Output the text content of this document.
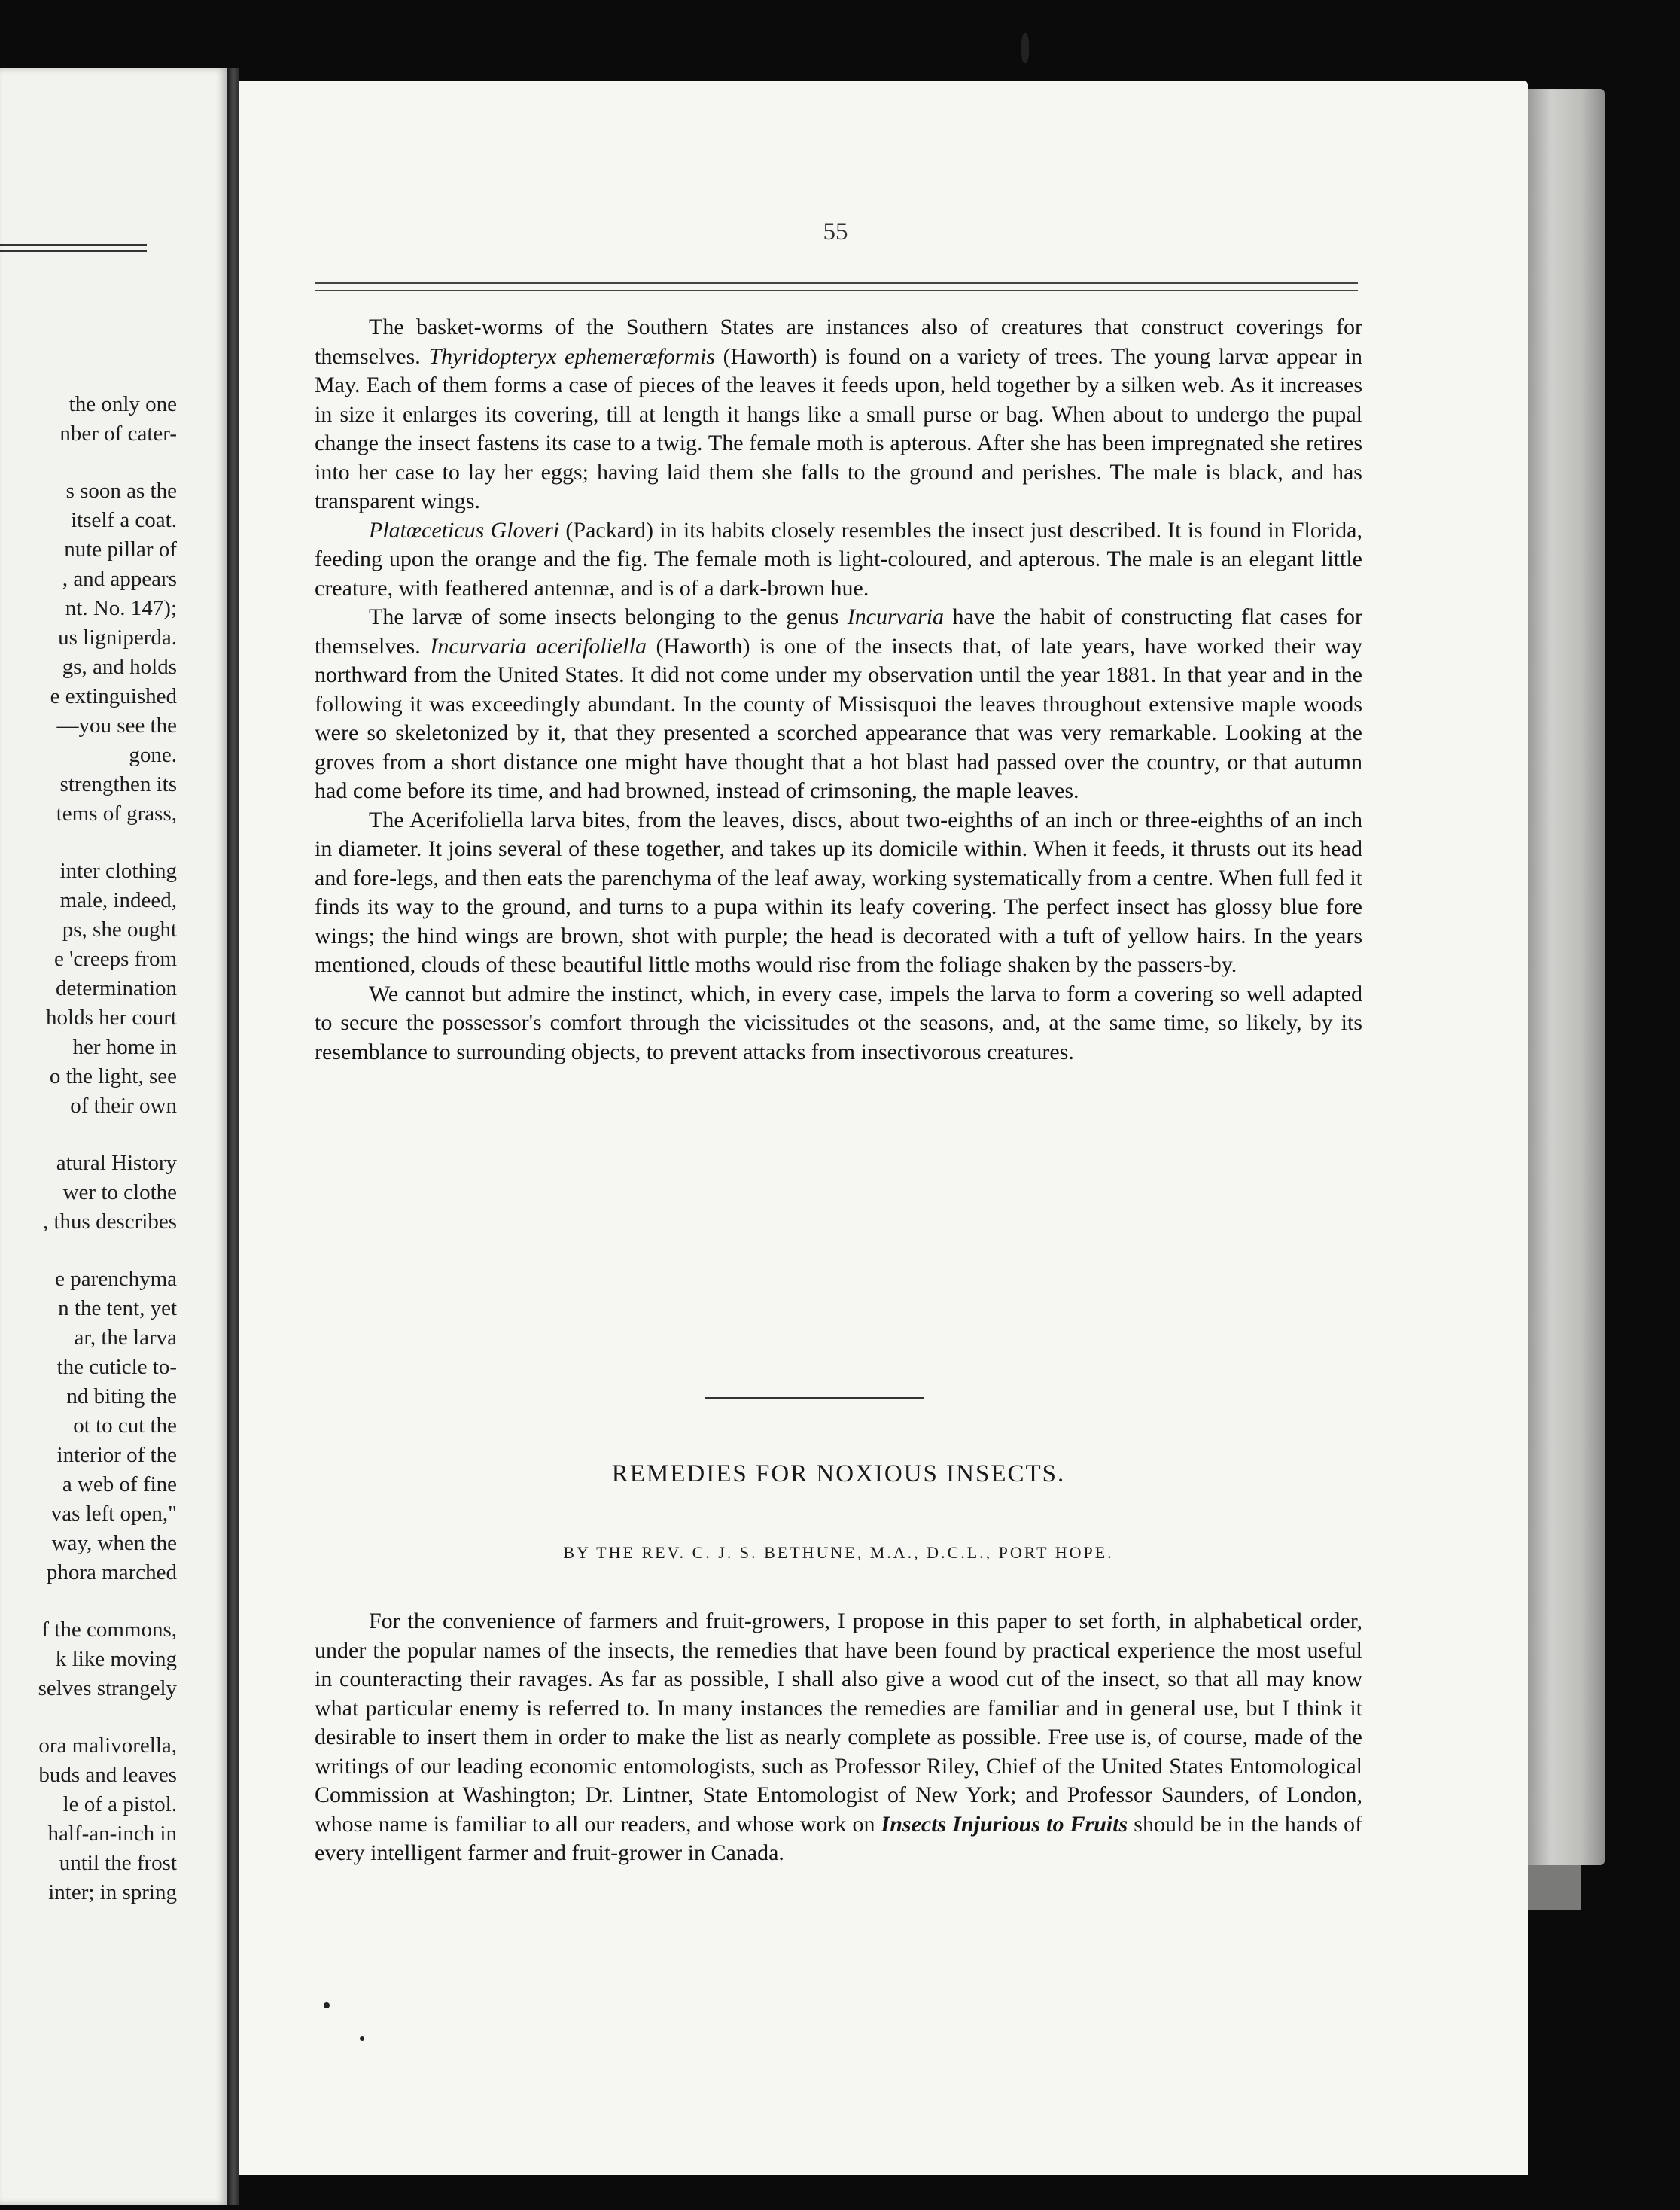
the only one
nber of cater-
s soon as the
itself a coat.
nute pillar of
, and appears
nt. No. 147);
us ligniperda.
gs, and holds
e extinguished
—you see the
gone.
strengthen its
tems of grass,
inter clothing
male, indeed,
ps, she ought
e 'creeps from
determination
holds her court
her home in
o the light, see
of their own
atural History
wer to clothe
, thus describes
e parenchyma
n the tent, yet
ar, the larva
the cuticle to-
nd biting the
ot to cut the
interior of the
a web of fine
vas left open,"
way, when the
phora marched
f the commons,
k like moving
selves strangely
ora malivorella,
buds and leaves
le of a pistol.
half-an-inch in
until the frost
inter; in spring
55

The basket-worms of the Southern States are instances also of creatures that construct coverings for themselves. Thyridopteryx ephemeræformis (Haworth) is found on a variety of trees. The young larvæ appear in May. Each of them forms a case of pieces of the leaves it feeds upon, held together by a silken web. As it increases in size it enlarges its covering, till at length it hangs like a small purse or bag. When about to undergo the pupal change the insect fastens its case to a twig. The female moth is apterous. After she has been impregnated she retires into her case to lay her eggs; having laid them she falls to the ground and perishes. The male is black, and has transparent wings.

Platœceticus Gloveri (Packard) in its habits closely resembles the insect just described. It is found in Florida, feeding upon the orange and the fig. The female moth is light-coloured, and apterous. The male is an elegant little creature, with feathered antennæ, and is of a dark-brown hue.

The larvæ of some insects belonging to the genus Incurvaria have the habit of constructing flat cases for themselves. Incurvaria acerifoliella (Haworth) is one of the insects that, of late years, have worked their way northward from the United States. It did not come under my observation until the year 1881. In that year and in the following it was exceedingly abundant. In the county of Missisquoi the leaves throughout extensive maple woods were so skeletonized by it, that they presented a scorched appearance that was very remarkable. Looking at the groves from a short distance one might have thought that a hot blast had passed over the country, or that autumn had come before its time, and had browned, instead of crimsoning, the maple leaves.

The Acerifoliella larva bites, from the leaves, discs, about two-eighths of an inch or three-eighths of an inch in diameter. It joins several of these together, and takes up its domicile within. When it feeds, it thrusts out its head and fore-legs, and then eats the parenchyma of the leaf away, working systematically from a centre. When full fed it finds its way to the ground, and turns to a pupa within its leafy covering. The perfect insect has glossy blue fore wings; the hind wings are brown, shot with purple; the head is decorated with a tuft of yellow hairs. In the years mentioned, clouds of these beautiful little moths would rise from the foliage shaken by the passers-by.

We cannot but admire the instinct, which, in every case, impels the larva to form a covering so well adapted to secure the possessor's comfort through the vicissitudes ot the seasons, and, at the same time, so likely, by its resemblance to surrounding objects, to prevent attacks from insectivorous creatures.

REMEDIES FOR NOXIOUS INSECTS.
BY THE REV. C. J. S. BETHUNE, M.A., D.C.L., PORT HOPE.

For the convenience of farmers and fruit-growers, I propose in this paper to set forth, in alphabetical order, under the popular names of the insects, the remedies that have been found by practical experience the most useful in counteracting their ravages. As far as possible, I shall also give a wood cut of the insect, so that all may know what particular enemy is referred to. In many instances the remedies are familiar and in general use, but I think it desirable to insert them in order to make the list as nearly complete as possible. Free use is, of course, made of the writings of our leading economic entomologists, such as Professor Riley, Chief of the United States Entomological Commission at Washington; Dr. Lintner, State Entomologist of New York; and Professor Saunders, of London, whose name is familiar to all our readers, and whose work on Insects Injurious to Fruits should be in the hands of every intelligent farmer and fruit-grower in Canada.
